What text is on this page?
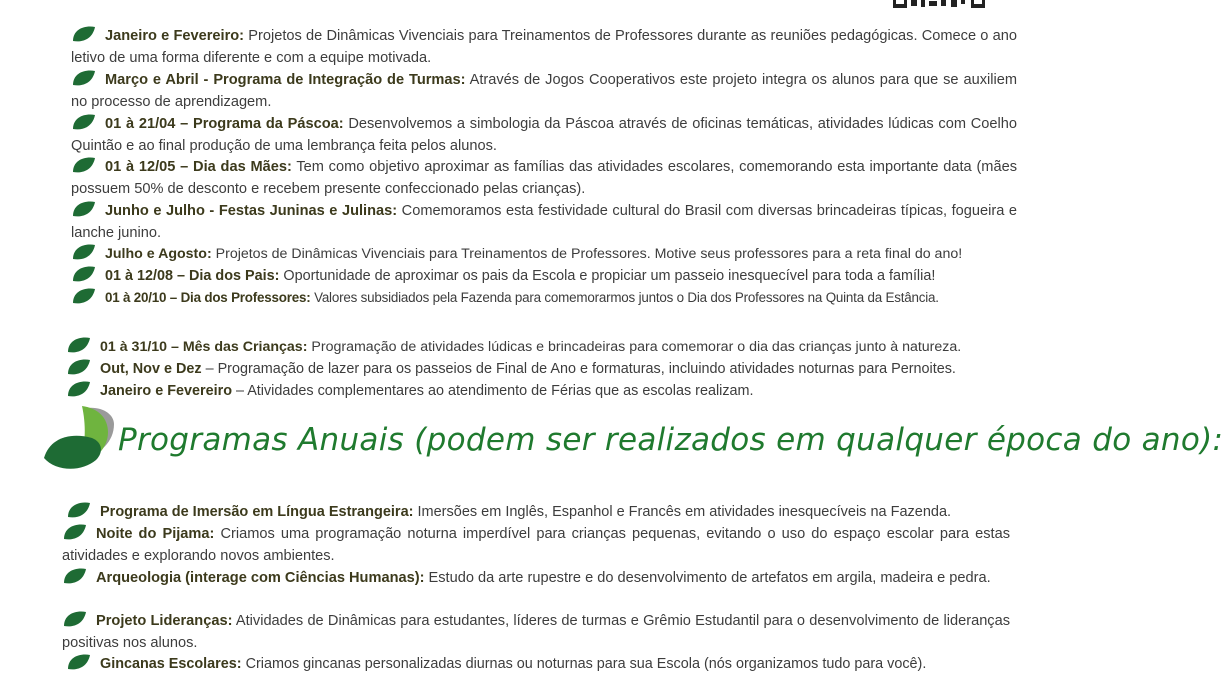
Janeiro e Fevereiro: Projetos de Dinâmicas Vivenciais para Treinamentos de Professores durante as reuniões pedagógicas. Comece o ano letivo de uma forma diferente e com a equipe motivada.
Março e Abril - Programa de Integração de Turmas: Através de Jogos Cooperativos este projeto integra os alunos para que se auxiliem no processo de aprendizagem.
01 à 21/04 – Programa da Páscoa: Desenvolvemos a simbologia da Páscoa através de oficinas temáticas, atividades lúdicas com Coelho Quintão e ao final produção de uma lembrança feita pelos alunos.
01 à 12/05 – Dia das Mães: Tem como objetivo aproximar as famílias das atividades escolares, comemorando esta importante data (mães possuem 50% de desconto e recebem presente confeccionado pelas crianças).
Junho e Julho - Festas Juninas e Julinas: Comemoramos esta festividade cultural do Brasil com diversas brincadeiras típicas, fogueira e lanche junino.
Julho e Agosto: Projetos de Dinâmicas Vivenciais para Treinamentos de Professores. Motive seus professores para a reta final do ano!
01 à 12/08 – Dia dos Pais: Oportunidade de aproximar os pais da Escola e propiciar um passeio inesquecível para toda a família!
01 à 20/10 – Dia dos Professores: Valores subsidiados pela Fazenda para comemorarmos juntos o Dia dos Professores na Quinta da Estância.
01 à 31/10 – Mês das Crianças: Programação de atividades lúdicas e brincadeiras para comemorar o dia das crianças junto à natureza.
Out, Nov e Dez – Programação de lazer para os passeios de Final de Ano e formaturas, incluindo atividades noturnas para Pernoites.
Janeiro e Fevereiro – Atividades complementares ao atendimento de Férias que as escolas realizam.
Programas Anuais (podem ser realizados em qualquer época do ano):
Programa de Imersão em Língua Estrangeira: Imersões em Inglês, Espanhol e Francês em atividades inesquecíveis na Fazenda.
Noite do Pijama: Criamos uma programação noturna imperdível para crianças pequenas, evitando o uso do espaço escolar para estas atividades e explorando novos ambientes.
Arqueologia (interage com Ciências Humanas): Estudo da arte rupestre e do desenvolvimento de artefatos em argila, madeira e pedra.
Projeto Lideranças: Atividades de Dinâmicas para estudantes, líderes de turmas e Grêmio Estudantil para o desenvolvimento de lideranças positivas nos alunos.
Gincanas Escolares: Criamos gincanas personalizadas diurnas ou noturnas para sua Escola (nós organizamos tudo para você).
